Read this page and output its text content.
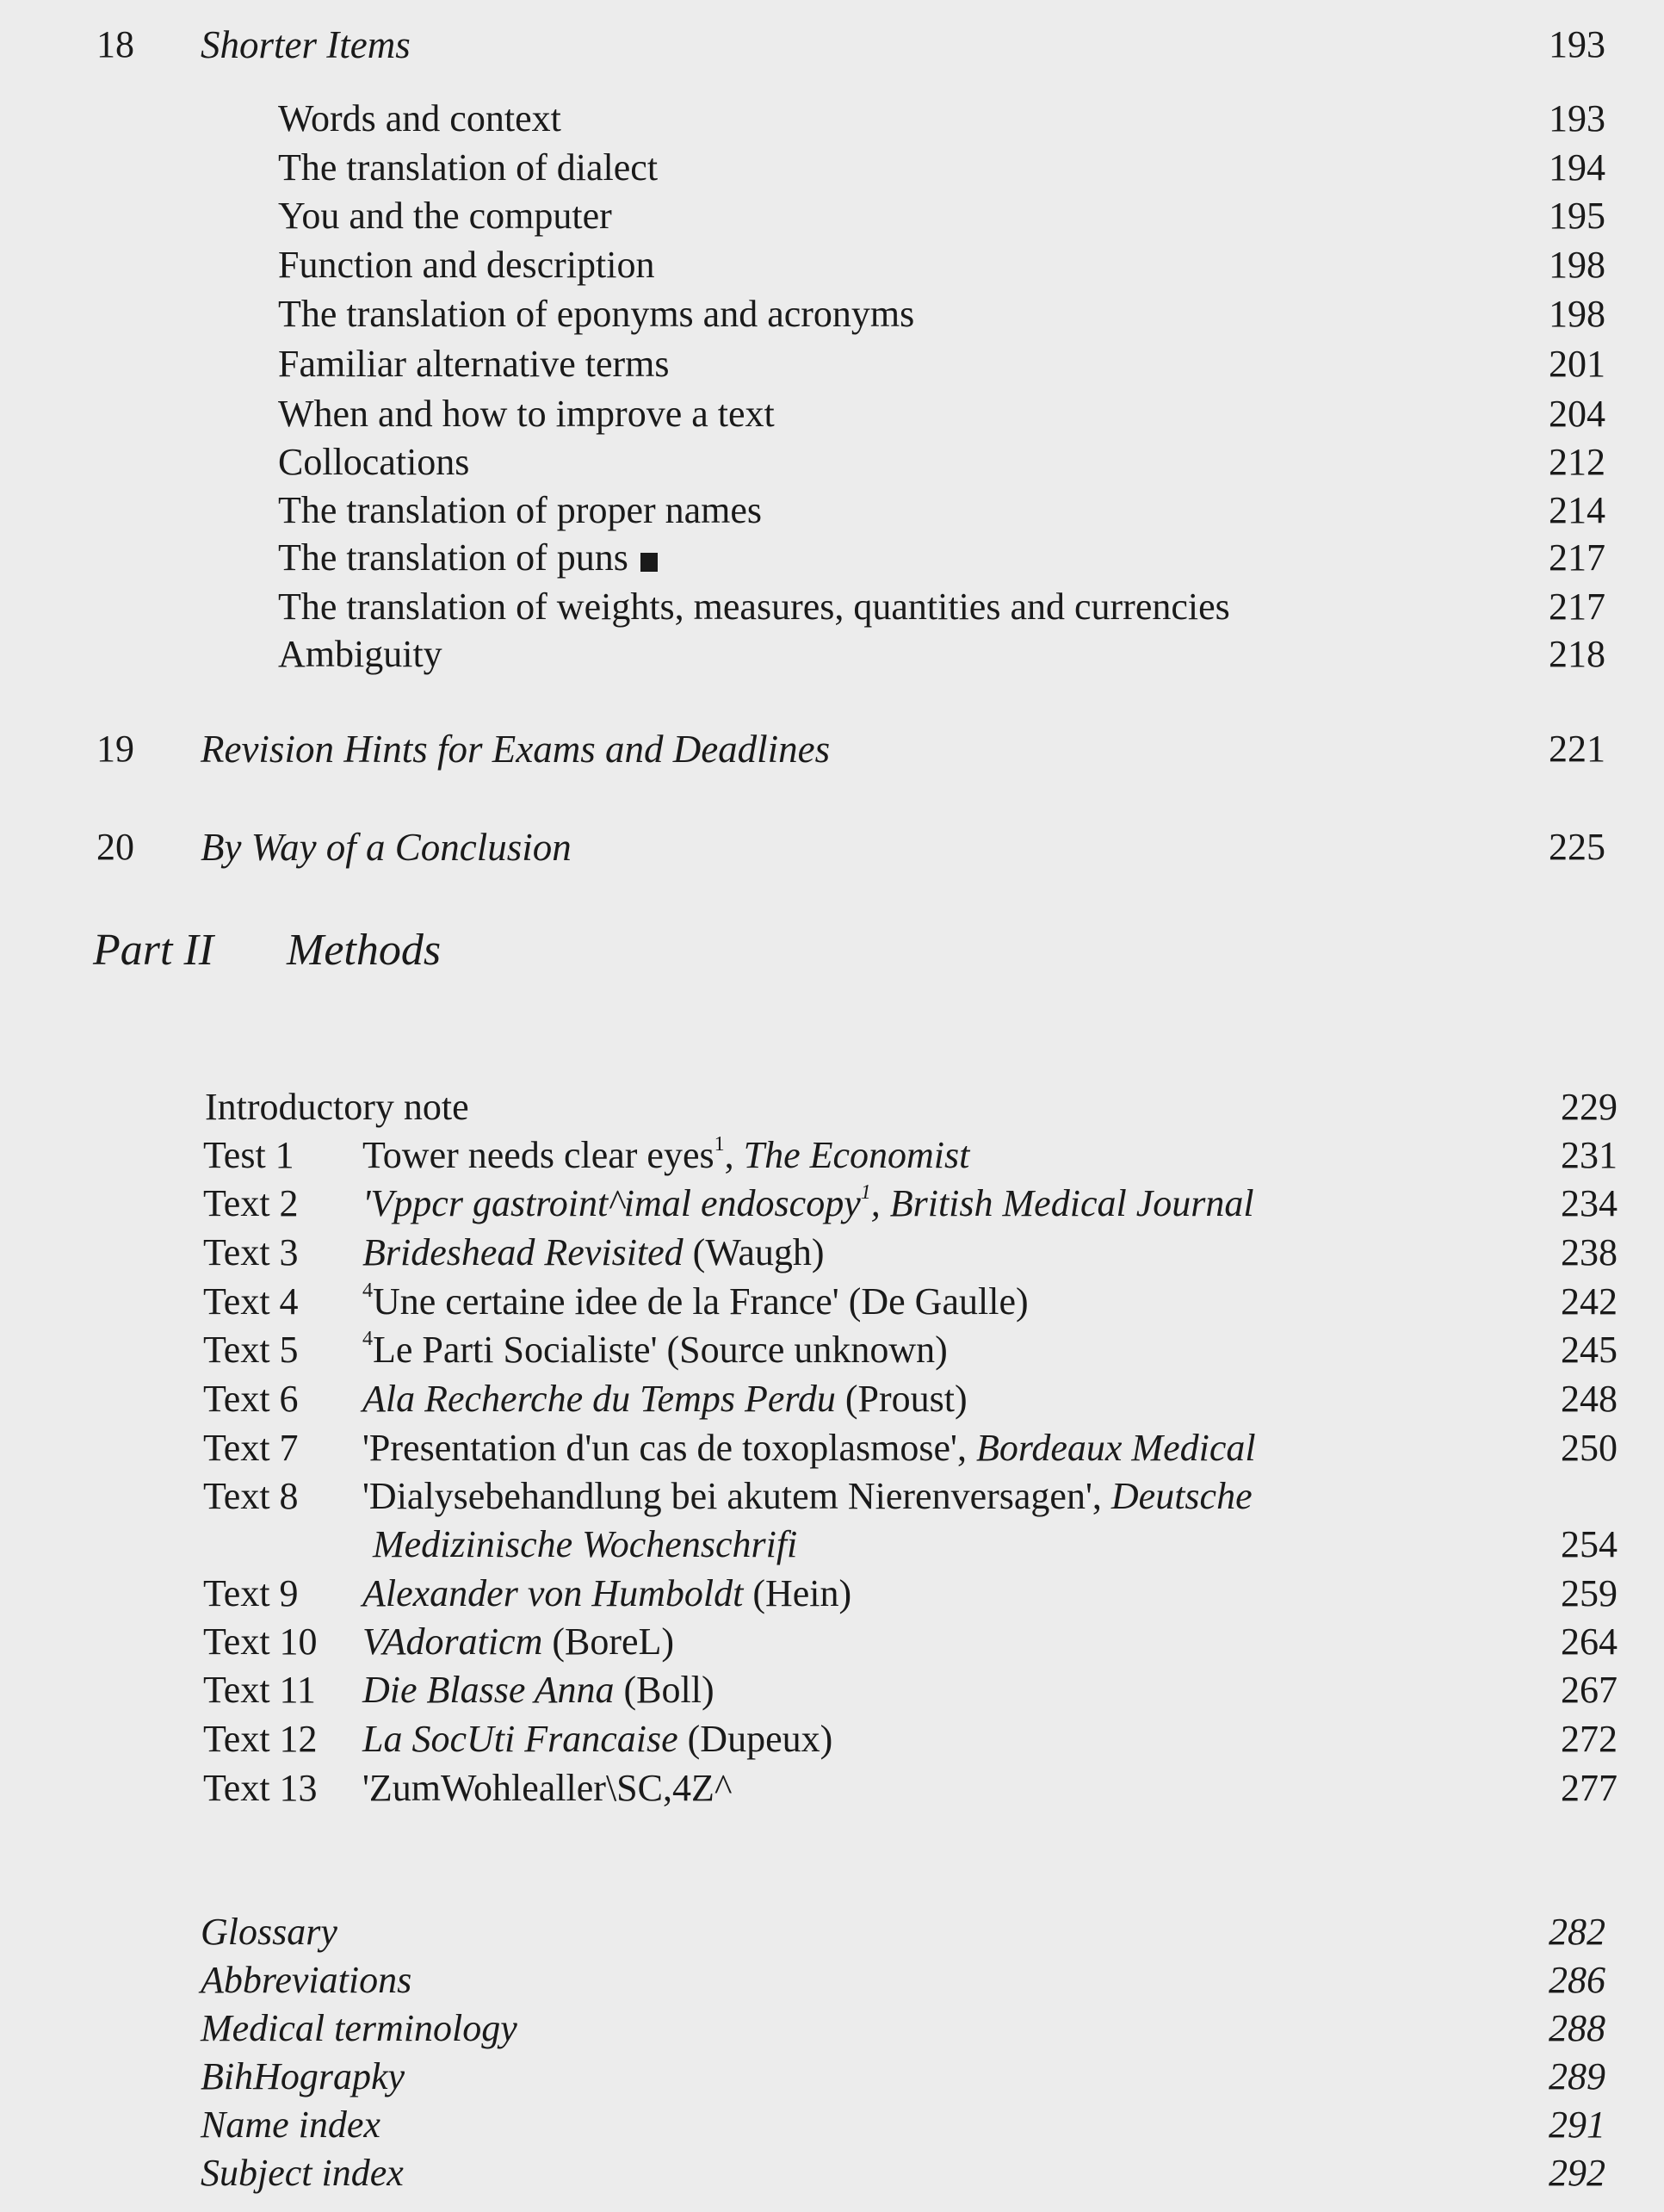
18 Shorter Items	193
Words and context	193
The translation of dialect	194
You and the computer	195
Function and description	198
The translation of eponyms and acronyms	198
Familiar alternative terms	201
When and how to improve a text	204
Collocations	212
The translation of proper names	214
The translation of puns	217
The translation of weights, measures, quantities and currencies	217
Ambiguity	218
19 Revision Hints for Exams and Deadlines	221
20 By Way of a Conclusion	225
Part II Methods
Introductory note	229
Test 1 Tower needs clear eyes$^1$, The Economist	231
Text 2 'Vppcr gastroint^imal endoscopy$^1$, British Medical Journal	234
Text 3 Brideshead Revisited (Waugh)	238
Text 4	$^4$Une certaine idee de la France' (De Gaulle)	242
Text 5	$^4$Le Parti Socialiste' (Source unknown)	245
Text 6 Ala Recherche du Temps Perdu (Proust)	248
Text 7 'Presentation d'un cas de toxoplasmose', Bordeaux Medical	250
Text 8 'Dialysebehandlung bei akutem Nierenversagen', Deutsche
Medizinische Wochenschrifi	254
Text 9 Alexander von Humboldt (Hein)	259
Text 10 VAdoraticm (BoreL)	264
Text 11 Die Blasse Anna (Boll)	267
Text 12 La SocUti Francaise (Dupeux)	272
Text 13 'ZumWohlealler\SC,4Z^	277
Glossary	282
Abbreviations	286
Medical terminology	288
BihHograpky	289
Name index	291
Subject index	292
